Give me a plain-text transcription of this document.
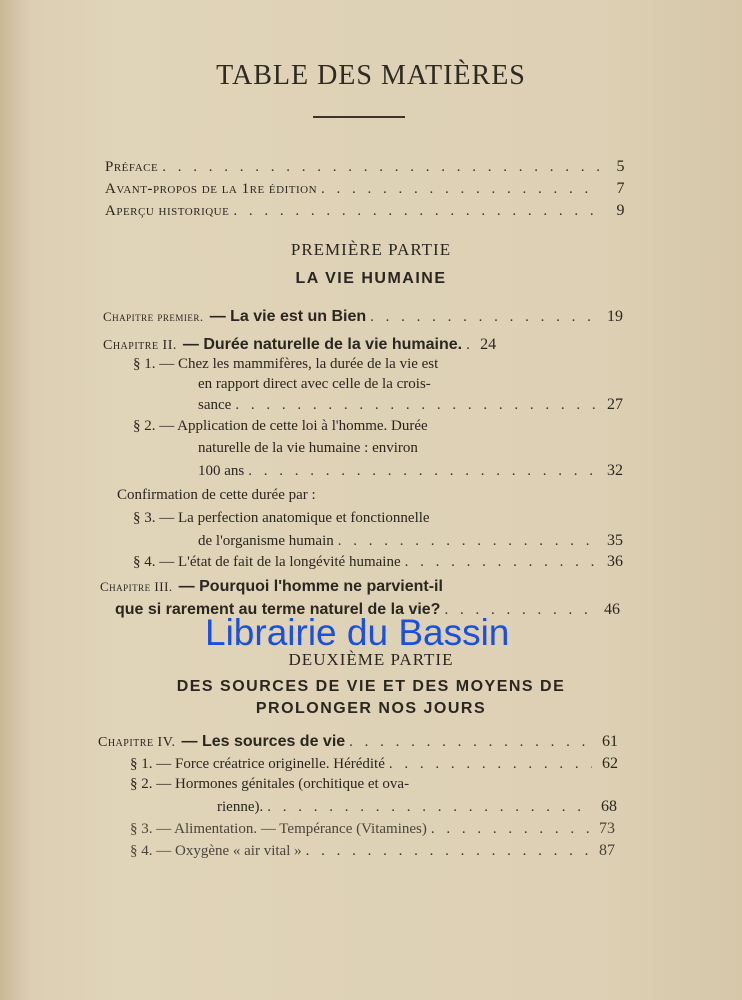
TABLE DES MATIÈRES
Préface . . .	5
Avant-propos de la 1re édition . . .	7
Aperçu historique . . .	9
PREMIÈRE PARTIE
LA VIE HUMAINE
Chapitre premier. — La vie est un Bien . . .	19
Chapitre II. — Durée naturelle de la vie humaine. . . .	24
§ 1. — Chez les mammifères, la durée de la vie est
en rapport direct avec celle de la crois-
sance . . .	27
§ 2. — Application de cette loi à l'homme. Durée
naturelle de la vie humaine : environ
100 ans . . .	32
Confirmation de cette durée par :
§ 3. — La perfection anatomique et fonctionnelle
de l'organisme humain . . .	35
§ 4. — L'état de fait de la longévité humaine . . .	36
Chapitre III. — Pourquoi l'homme ne parvient-il
que si rarement au terme naturel de la vie? . . .	46
DEUXIÈME PARTIE
DES SOURCES DE VIE ET DES MOYENS DE
PROLONGER NOS JOURS
Chapitre IV. — Les sources de vie . . .	61
§ 1. — Force créatrice originelle. Hérédité . . .	62
§ 2. — Hormones génitales (orchitique et ova-
rienne). . . .	68
§ 3. — Alimentation. — Tempérance (Vitamines) . . .	73
§ 4. — Oxygène « air vital » . . .	87
Librairie du Bassin
